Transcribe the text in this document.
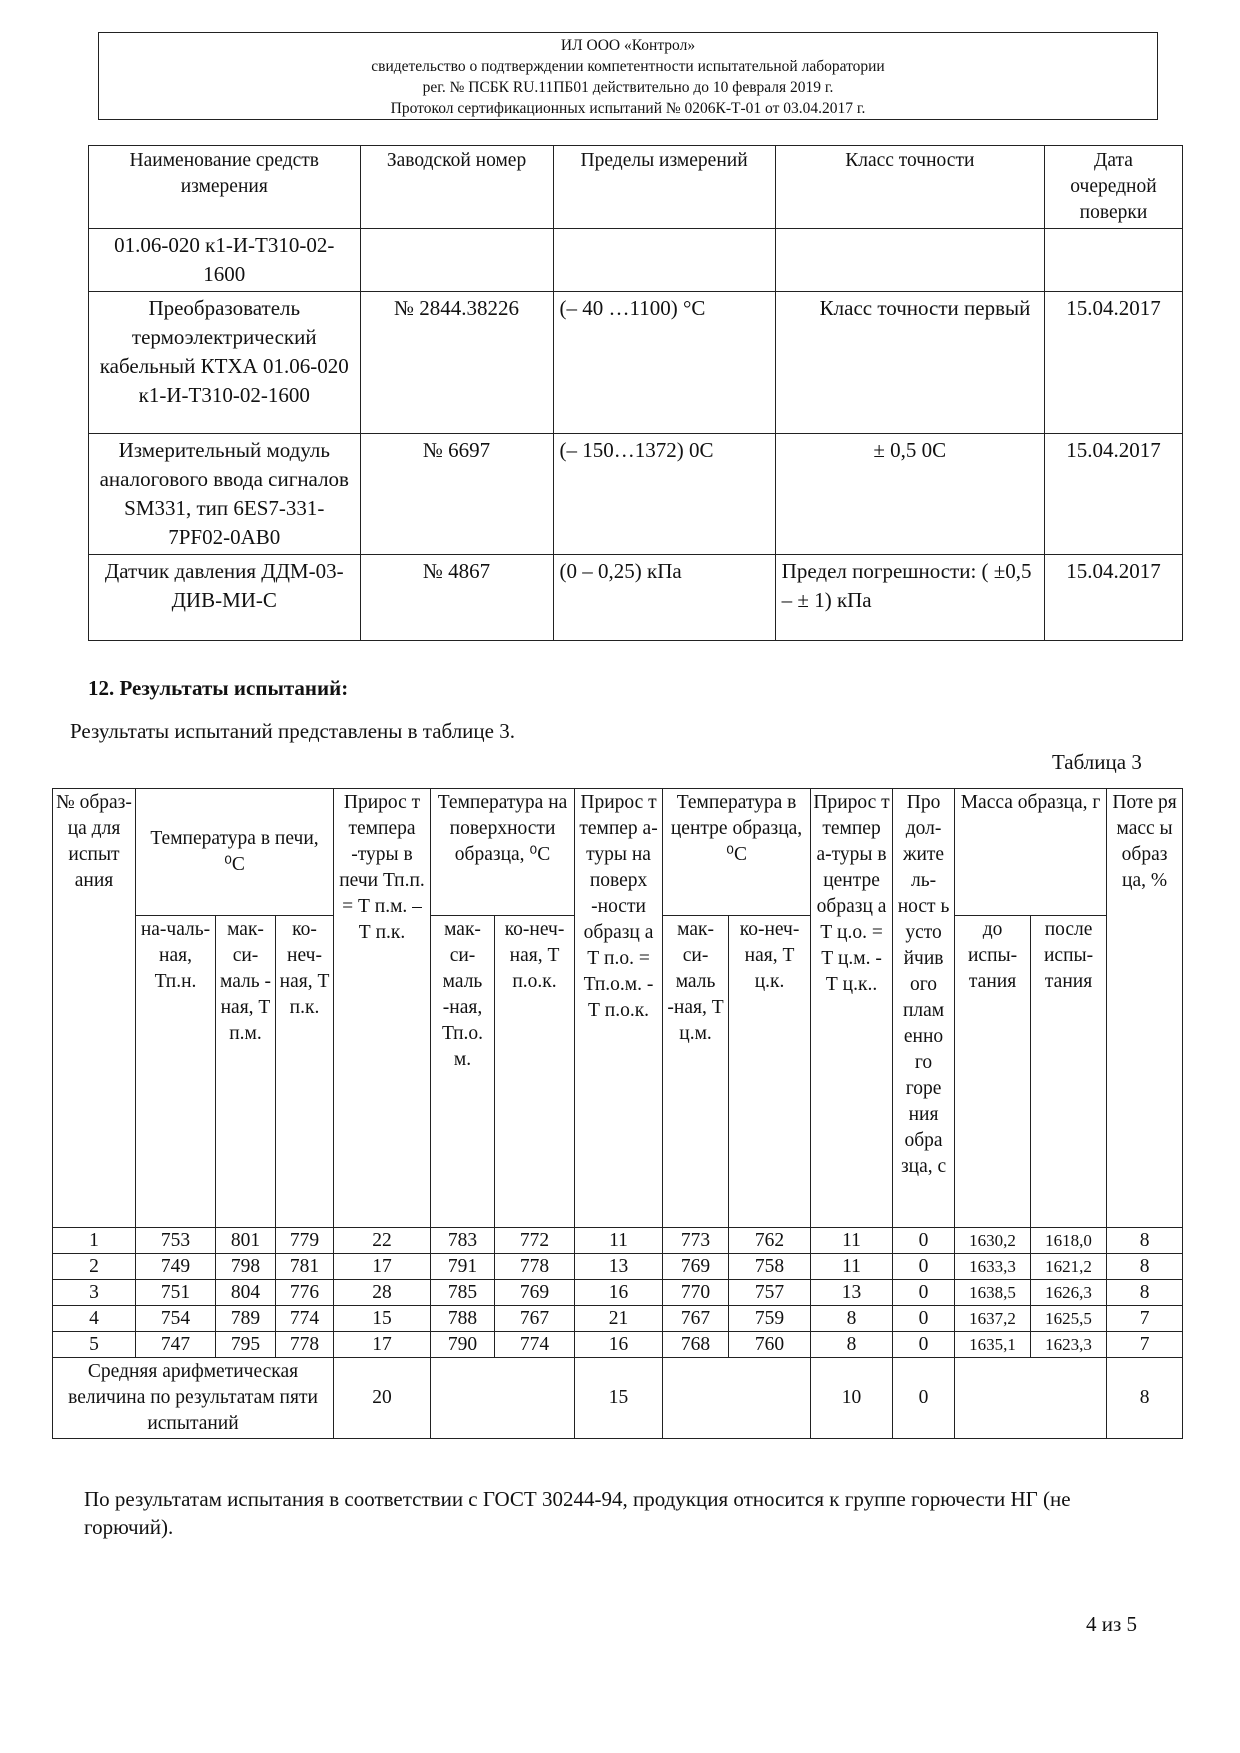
ИЛ ООО «Контрол»
свидетельство о подтверждении компетентности испытательной лаборатории
рег. № ПСБК RU.11ПБ01 действительно до 10 февраля 2019 г.
Протокол сертификационных испытаний № 0206К-Т-01 от 03.04.2017 г.
Наименование средств измерения	Заводской номер	Пределы измерений	Класс точности	Дата очередной поверки
01.06-020 к1-И-Т310-02-1600				
Преобразователь термоэлектрический кабельный КТХА 01.06-020 к1-И-Т310-02-1600	№ 2844.38226	(– 40 …1100) °С	Класс точности первый	15.04.2017
Измерительный модуль аналогового ввода сигналов SM331, тип 6ES7-331-7PF02-0AB0	№ 6697	(– 150…1372) 0С	± 0,5 0С	15.04.2017
Датчик давления ДДМ-03-ДИВ-МИ-С	№ 4867	(0 – 0,25) кПа	Предел погрешности: ( ±0,5 – ± 1) кПа	15.04.2017
12. Результаты испытаний:
Результаты испытаний представлены в таблице 3.
Таблица 3
№ образ-ца для испыт ания	Температура в печи, ⁰С			Прирос т темпера -туры в печи Тп.п. = Т п.м. – Т п.к.	Температура на поверхности образца, ⁰С		Прирос т темпер а-туры на поверх -ности образц а Т п.о. = Тп.о.м. - Т п.о.к.	Температура в центре образца, ⁰С		Прирос т темпер а-туры в центре образц а Т ц.о. = Т ц.м. - Т ц.к..	Про дол-жите ль-ност ь усто йчив ого плам енно го горе ния обра зца, с	Масса образца, г		Поте ря масс ы образ ца, %
	на-чаль-ная, Тп.н.	мак-си-маль - ная, Т п.м.	ко-неч-ная, Т п.к.		мак-си-маль -ная, Тп.о. м.	ко-неч-ная, Т п.о.к.		мак-си-маль -ная, Т ц.м.	ко-неч-ная, Т ц.к.			до испы-тания	после испы-тания	
1	753	801	779	22	783	772	11	773	762	11	0	1630,2	1618,0	8
2	749	798	781	17	791	778	13	769	758	11	0	1633,3	1621,2	8
3	751	804	776	28	785	769	16	770	757	13	0	1638,5	1626,3	8
4	754	789	774	15	788	767	21	767	759	8	0	1637,2	1625,5	7
5	747	795	778	17	790	774	16	768	760	8	0	1635,1	1623,3	7
Средняя арифметическая величина по результатам пяти испытаний				20			15			10	0			8
По результатам испытания в соответствии с ГОСТ 30244-94, продукция относится к группе горючести НГ (не горючий).
4 из 5
